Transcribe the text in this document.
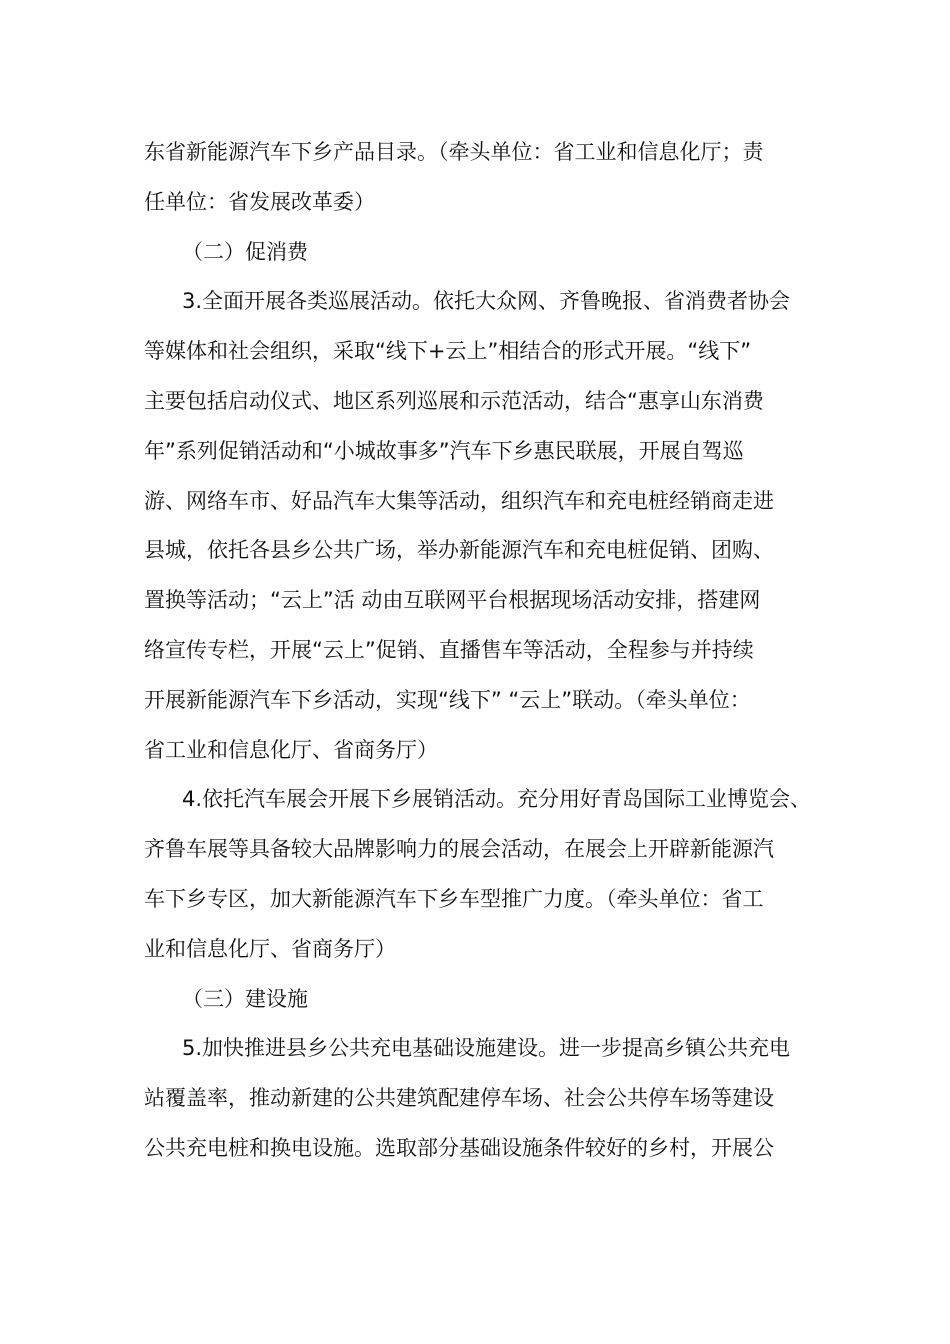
东省新能源汽车下乡产品目录。（牵头单位：省工业和信息化厅；责
任单位：省发展改革委）
（二）促消费
3.全面开展各类巡展活动。依托大众网、齐鲁晚报、省消费者协会
等媒体和社会组织，采取“线下+云上”相结合的形式开展。“线下”
主要包括启动仪式、地区系列巡展和示范活动，结合“惠享山东消费
年”系列促销活动和“小城故事多”汽车下乡惠民联展，开展自驾巡
游、网络车市、好品汽车大集等活动，组织汽车和充电桩经销商走进
县城，依托各县乡公共广场，举办新能源汽车和充电桩促销、团购、
置换等活动；“云上”活 动由互联网平台根据现场活动安排，搭建网
络宣传专栏，开展“云上”促销、直播售车等活动，全程参与并持续
开展新能源汽车下乡活动，实现“线下” “云上”联动。（牵头单位：
省工业和信息化厅、省商务厅）
4.依托汽车展会开展下乡展销活动。充分用好青岛国际工业博览会、
齐鲁车展等具备较大品牌影响力的展会活动，在展会上开辟新能源汽
车下乡专区，加大新能源汽车下乡车型推广力度。（牵头单位：省工
业和信息化厅、省商务厅）
（三）建设施
5.加快推进县乡公共充电基础设施建设。进一步提高乡镇公共充电
站覆盖率，推动新建的公共建筑配建停车场、社会公共停车场等建设
公共充电桩和换电设施。选取部分基础设施条件较好的乡村，开展公
